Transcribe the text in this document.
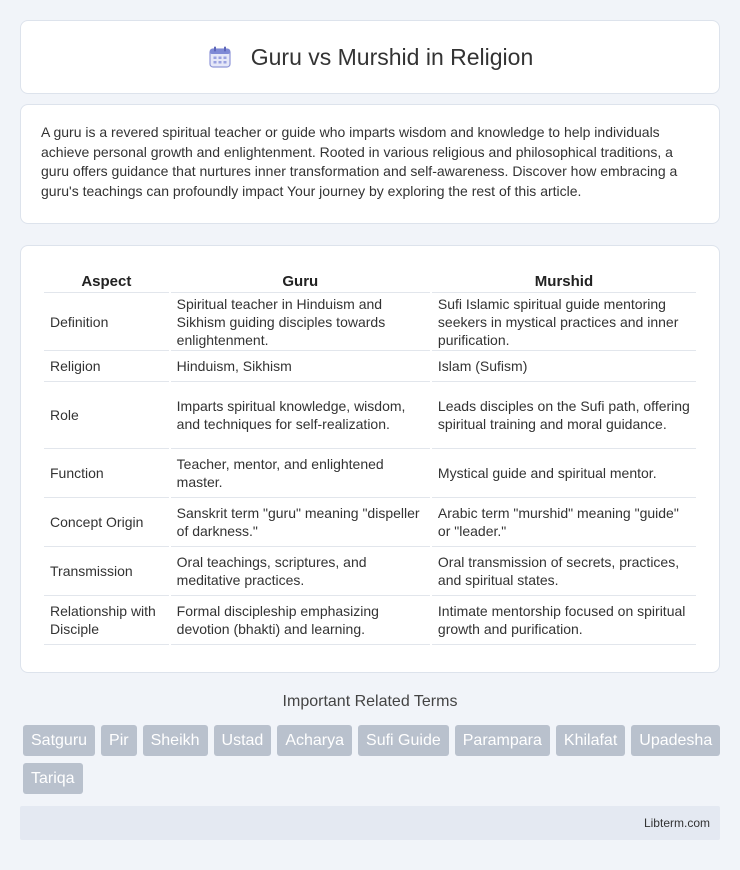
Guru vs Murshid in Religion

A guru is a revered spiritual teacher or guide who imparts wisdom and knowledge to help individuals achieve personal growth and enlightenment. Rooted in various religious and philosophical traditions, a guru offers guidance that nurtures inner transformation and self-awareness. Discover how embracing a guru's teachings can profoundly impact Your journey by exploring the rest of this article.

Aspect	Guru	Murshid
Definition	Spiritual teacher in Hinduism and Sikhism guiding disciples towards enlightenment.	Sufi Islamic spiritual guide mentoring seekers in mystical practices and inner purification.
Religion	Hinduism, Sikhism	Islam (Sufism)
Role	Imparts spiritual knowledge, wisdom, and techniques for self-realization.	Leads disciples on the Sufi path, offering spiritual training and moral guidance.
Function	Teacher, mentor, and enlightened master.	Mystical guide and spiritual mentor.
Concept Origin	Sanskrit term "guru" meaning "dispeller of darkness."	Arabic term "murshid" meaning "guide" or "leader."
Transmission	Oral teachings, scriptures, and meditative practices.	Oral transmission of secrets, practices, and spiritual states.
Relationship with Disciple	Formal discipleship emphasizing devotion (bhakti) and learning.	Intimate mentorship focused on spiritual growth and purification.
Important Related Terms
Satguru	Pir	Sheikh	Ustad	Acharya	Sufi Guide	Parampara	Khilafat	Upadesha
Tariqa
Libterm.com
